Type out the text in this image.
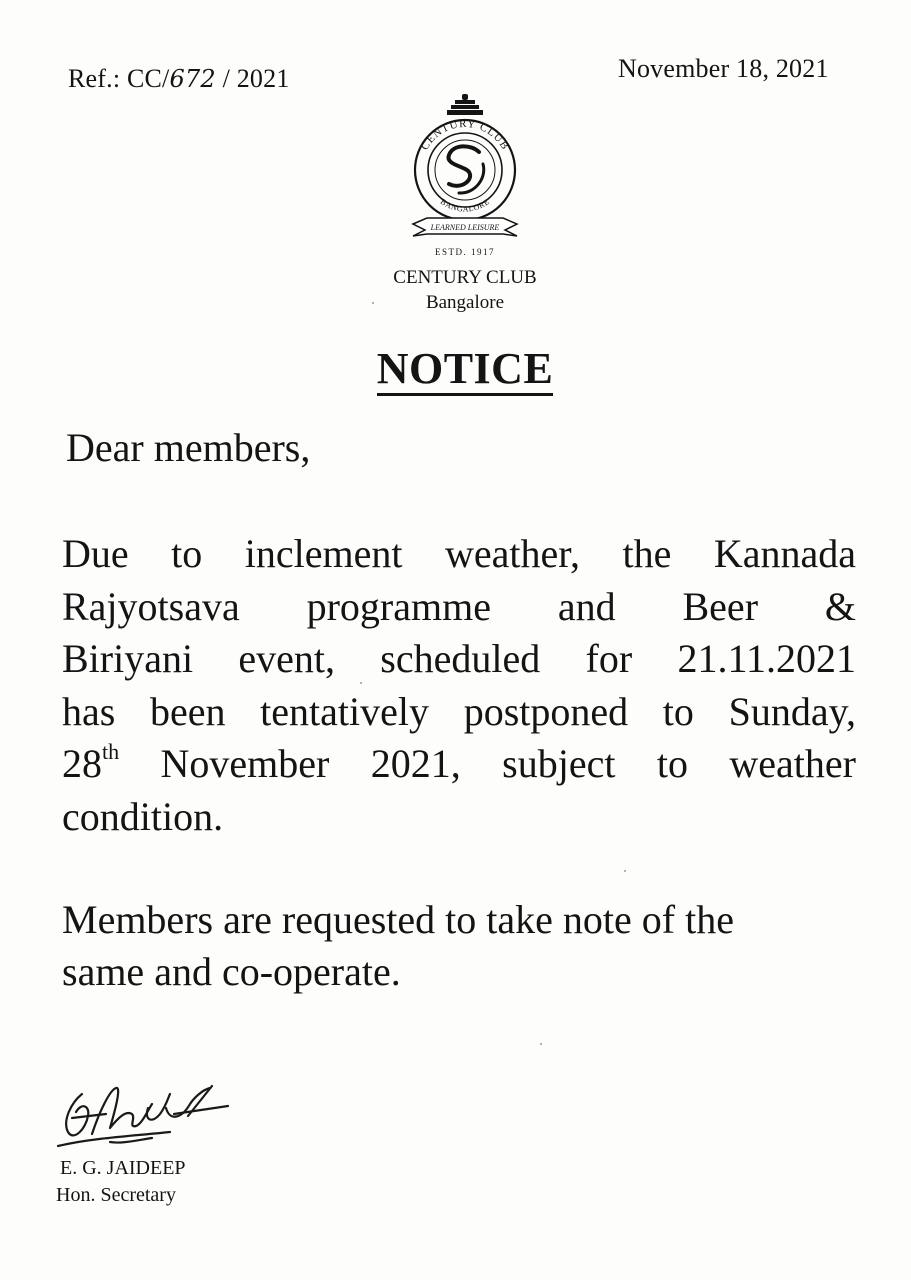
Ref.: CC/672 / 2021	November 18, 2021
CENTURY CLUB
BANGALORE
LEARNED LEISURE
ESTD. 1917
CENTURY CLUB
Bangalore
NOTICE
Dear members,
Due to inclement weather, the Kannada
Rajyotsava programme and Beer &
Biriyani event, scheduled for 21.11.2021
has been tentatively postponed to Sunday,
28th November 2021, subject to weather
condition.
Members are requested to take note of the
same and co-operate.
E. G. JAIDEEP
Hon. Secretary
